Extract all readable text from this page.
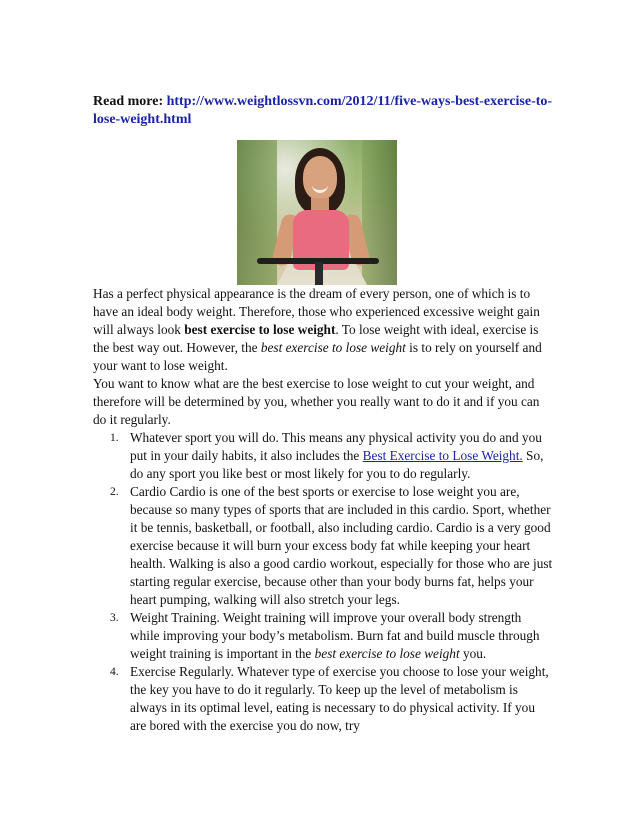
Read more: http://www.weightlossvn.com/2012/11/five-ways-best-exercise-to-lose-weight.html

Has a perfect physical appearance is the dream of every person, one of which is to have an ideal body weight. Therefore, those who experienced excessive weight gain will always look best exercise to lose weight. To lose weight with ideal, exercise is the best way out. However, the best exercise to lose weight is to rely on yourself and your want to lose weight.

You want to know what are the best exercise to lose weight to cut your weight, and therefore will be determined by you, whether you really want to do it and if you can do it regularly.

1. Whatever sport you will do. This means any physical activity you do and you put in your daily habits, it also includes the Best Exercise to Lose Weight. So, do any sport you like best or most likely for you to do regularly.
2. Cardio Cardio is one of the best sports or exercise to lose weight you are, because so many types of sports that are included in this cardio. Sport, whether it be tennis, basketball, or football, also including cardio. Cardio is a very good exercise because it will burn your excess body fat while keeping your heart health. Walking is also a good cardio workout, especially for those who are just starting regular exercise, because other than your body burns fat, helps your heart pumping, walking will also stretch your legs.
3. Weight Training. Weight training will improve your overall body strength while improving your body’s metabolism. Burn fat and build muscle through weight training is important in the best exercise to lose weight you.
4. Exercise Regularly. Whatever type of exercise you choose to lose your weight, the key you have to do it regularly. To keep up the level of metabolism is always in its optimal level, eating is necessary to do physical activity. If you are bored with the exercise you do now, try
